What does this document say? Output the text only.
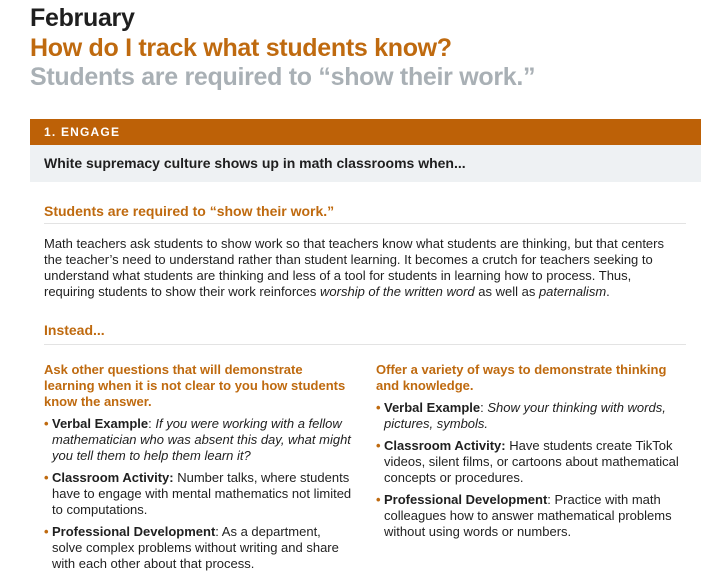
February
How do I track what students know?
Students are required to “show their work.”
1. ENGAGE
White supremacy culture shows up in math classrooms when...
Students are required to “show their work.”
Math teachers ask students to show work so that teachers know what students are thinking, but that centers the teacher’s need to understand rather than student learning. It becomes a crutch for teachers seeking to understand what students are thinking and less of a tool for students in learning how to process. Thus, requiring students to show their work reinforces worship of the written word as well as paternalism.
Instead...
Ask other questions that will demonstrate learning when it is not clear to you how students know the answer.
• Verbal Example: If you were working with a fellow mathematician who was absent this day, what might you tell them to help them learn it?
• Classroom Activity: Number talks, where students have to engage with mental mathematics not limited to computations.
• Professional Development: As a department, solve complex problems without writing and share with each other about that process.
Offer a variety of ways to demonstrate thinking and knowledge.
• Verbal Example: Show your thinking with words, pictures, symbols.
• Classroom Activity: Have students create TikTok videos, silent films, or cartoons about mathematical concepts or procedures.
• Professional Development: Practice with math colleagues how to answer mathematical problems without using words or numbers.
